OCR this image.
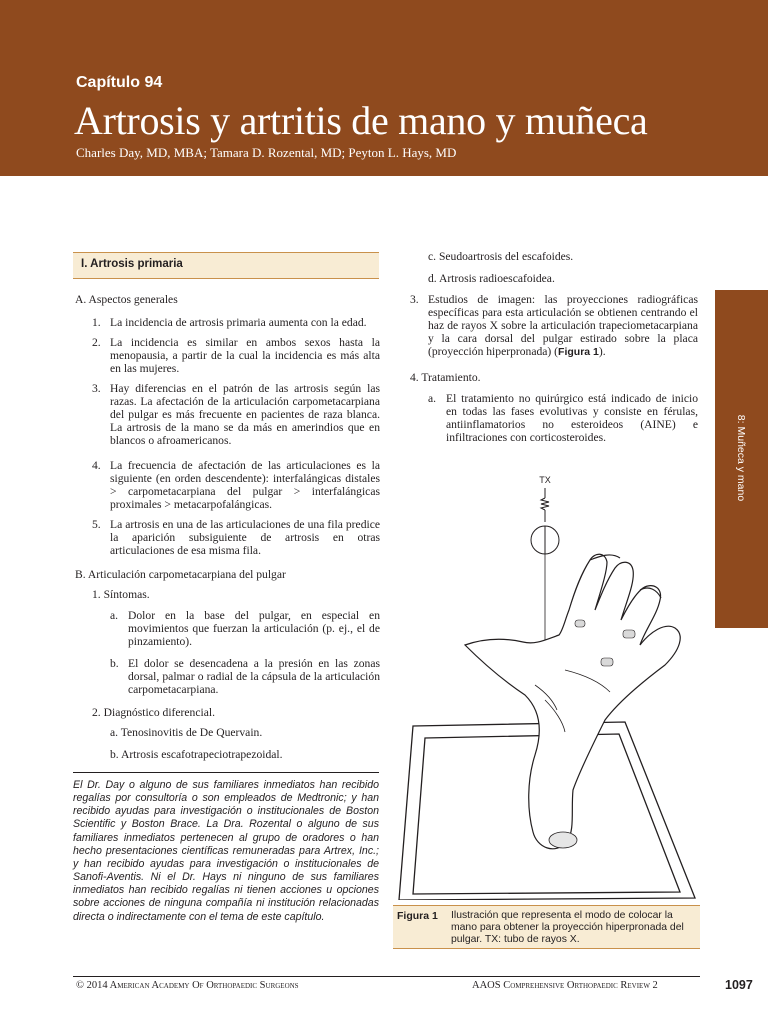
Capítulo 94
Artrosis y artritis de mano y muñeca
Charles Day, MD, MBA; Tamara D. Rozental, MD; Peyton L. Hays, MD
8: Muñeca y mano
I. Artrosis primaria
A. Aspectos generales
1. La incidencia de artrosis primaria aumenta con la edad.
2. La incidencia es similar en ambos sexos hasta la menopausia, a partir de la cual la incidencia es más alta en las mujeres.
3. Hay diferencias en el patrón de las artrosis según las razas. La afectación de la articulación carpometacarpiana del pulgar es más frecuente en pacientes de raza blanca. La artrosis de la mano se da más en amerindios que en blancos o afroamericanos.
4. La frecuencia de afectación de las articulaciones es la siguiente (en orden descendente): interfalángicas distales > carpometacarpiana del pulgar > interfalángicas proximales > metacarpofalángicas.
5. La artrosis en una de las articulaciones de una fila predice la aparición subsiguiente de artrosis en otras articulaciones de esa misma fila.
B. Articulación carpometacarpiana del pulgar
1. Síntomas.
a. Dolor en la base del pulgar, en especial en movimientos que fuerzan la articulación (p. ej., el de pinzamiento).
b. El dolor se desencadena a la presión en las zonas dorsal, palmar o radial de la cápsula de la articulación carpometacarpiana.
2. Diagnóstico diferencial.
a. Tenosinovitis de De Quervain.
b. Artrosis escafotrapeciotrapezoidal.
El Dr. Day o alguno de sus familiares inmediatos han recibido regalías por consultoría o son empleados de Medtronic; y han recibido ayudas para investigación o institucionales de Boston Scientific y Boston Brace. La Dra. Rozental o alguno de sus familiares inmediatos pertenecen al grupo de oradores o han hecho presentaciones científicas remuneradas para Artrex, Inc.; y han recibido ayudas para investigación o institucionales de Sanofi-Aventis. Ni el Dr. Hays ni ninguno de sus familiares inmediatos han recibido regalías ni tienen acciones u opciones sobre acciones de ninguna compañía ni institución relacionadas directa o indirectamente con el tema de este capítulo.
c. Seudoartrosis del escafoides.
d. Artrosis radioescafoidea.
3. Estudios de imagen: las proyecciones radiográficas específicas para esta articulación se obtienen centrando el haz de rayos X sobre la articulación trapeciometacarpiana y la cara dorsal del pulgar estirado sobre la placa (proyección hiperpronada) (Figura 1).
4. Tratamiento.
a. El tratamiento no quirúrgico está indicado de inicio en todas las fases evolutivas y consiste en férulas, antiinflamatorios no esteroideos (AINE) e infiltraciones con corticosteroides.
TX
Figura 1 Ilustración que representa el modo de colocar la mano para obtener la proyección hiperpronada del pulgar. TX: tubo de rayos X.
© 2014 American Academy Of Orthopaedic Surgeons	AAOS Comprehensive Orthopaedic Review 2	1097
